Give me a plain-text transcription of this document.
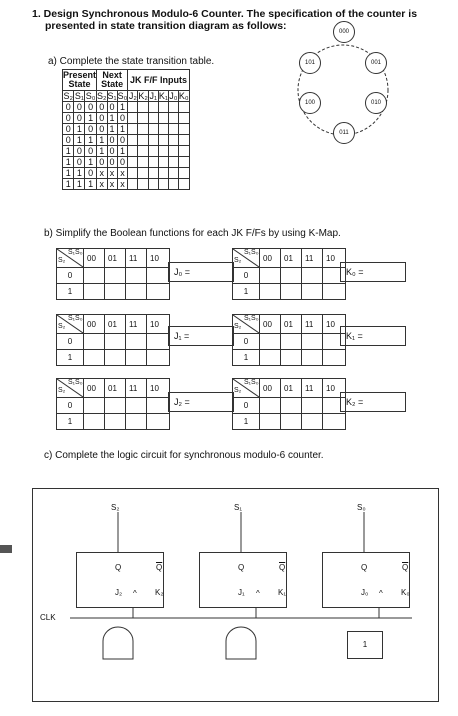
1. Design Synchronous Modulo-6 Counter. The specification of the counter is
presented in state transition diagram as follows:	000
001
010
011
100
101
a) Complete the state transition table.
Present State			Next State			JK F/F Inputs					
S₂	S₁	S₀	S₂	S₁	S₀	J₂	K₂	J₁	K₁	J₀	K₀
0	0	0	0	0	1						
0	0	1	0	1	0						
0	1	0	0	1	1						
0	1	1	1	0	0						
1	0	0	1	0	1						
1	0	1	0	0	0						
1	1	0	x	x	x						
1	1	1	x	x	x						
b) Simplify the Boolean functions for each JK F/Fs by using K-Map.
S₁S₀
S₂	00 01 11 10
0
1
S₁S₀
S₂	00 01 11 10
0
1
S₁S₀
S₂	00 01 11 10
0
1
S₁S₀
S₂	00 01 11 10
0
1
S₁S₀
S₂	00 01 11 10
0
1
S₁S₀
S₂	00 01 11 10
0
1
J₀ =	K₀ =
J₁ =	K₁ =
J₂ =	K₂ =
c) Complete the logic circuit for synchronous modulo-6 counter.
Q	$\overline{Q}$
J₂	K₂
^
Q	$\overline{Q}$
J₁	K₁
^
Q	$\overline{Q}$
J₀	K₀
^
S₂	S₁	S₀
CLK
1
